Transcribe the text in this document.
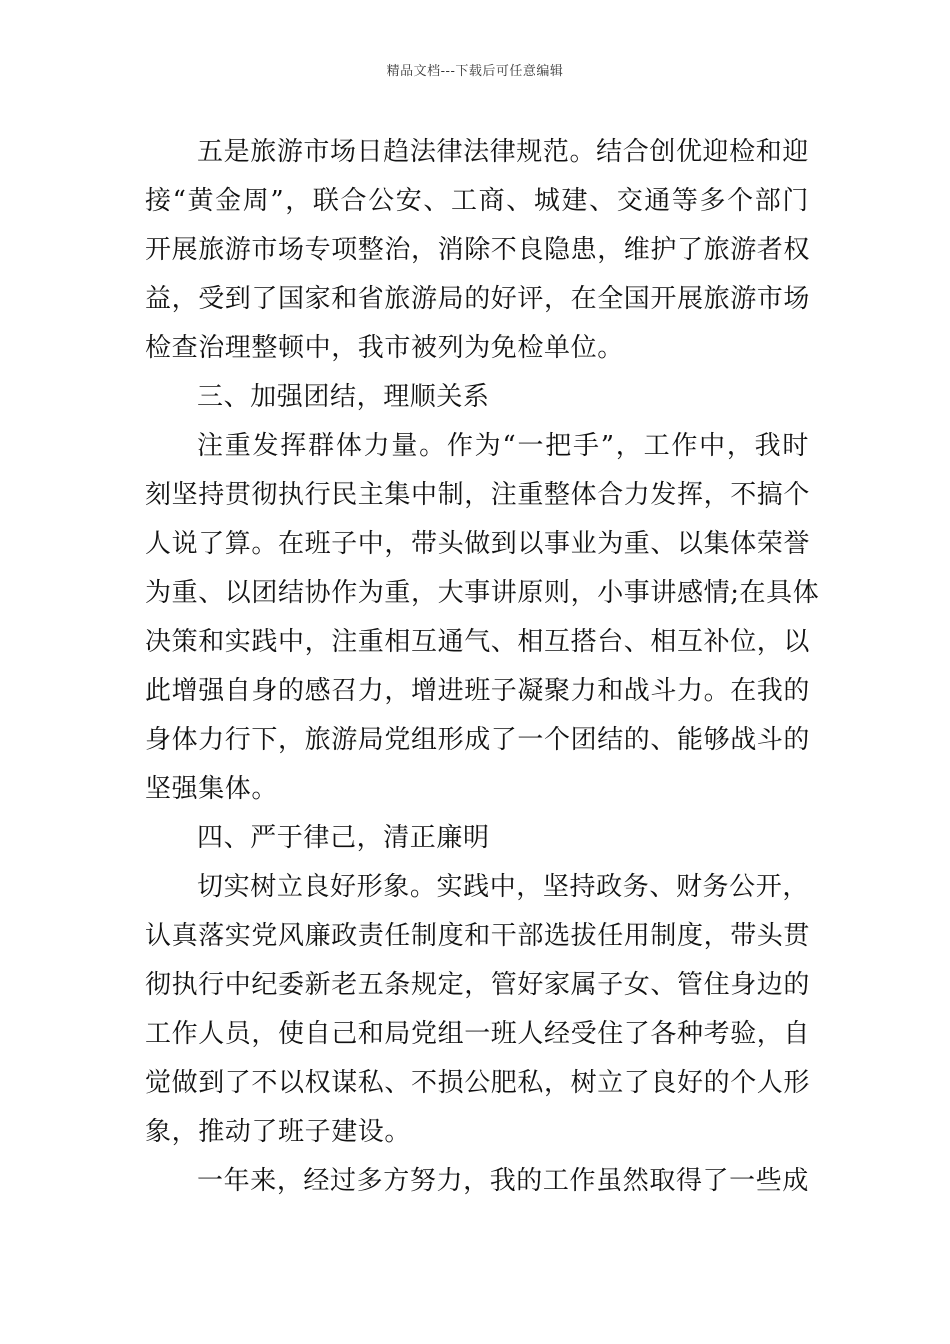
精品文档---下载后可任意编辑
五是旅游市场日趋法律法律规范。结合创优迎检和迎
接“黄金周”，联合公安、工商、城建、交通等多个部门
开展旅游市场专项整治，消除不良隐患，维护了旅游者权
益，受到了国家和省旅游局的好评，在全国开展旅游市场
检查治理整顿中，我市被列为免检单位。
三、加强团结，理顺关系
注重发挥群体力量。作为“一把手”，工作中，我时
刻坚持贯彻执行民主集中制，注重整体合力发挥，不搞个
人说了算。在班子中，带头做到以事业为重、以集体荣誉
为重、以团结协作为重，大事讲原则，小事讲感情;在具体
决策和实践中，注重相互通气、相互搭台、相互补位，以
此增强自身的感召力，增进班子凝聚力和战斗力。在我的
身体力行下，旅游局党组形成了一个团结的、能够战斗的
坚强集体。
四、严于律己，清正廉明
切实树立良好形象。实践中，坚持政务、财务公开，
认真落实党风廉政责任制度和干部选拔任用制度，带头贯
彻执行中纪委新老五条规定，管好家属子女、管住身边的
工作人员，使自己和局党组一班人经受住了各种考验，自
觉做到了不以权谋私、不损公肥私，树立了良好的个人形
象，推动了班子建设。
一年来，经过多方努力，我的工作虽然取得了一些成
